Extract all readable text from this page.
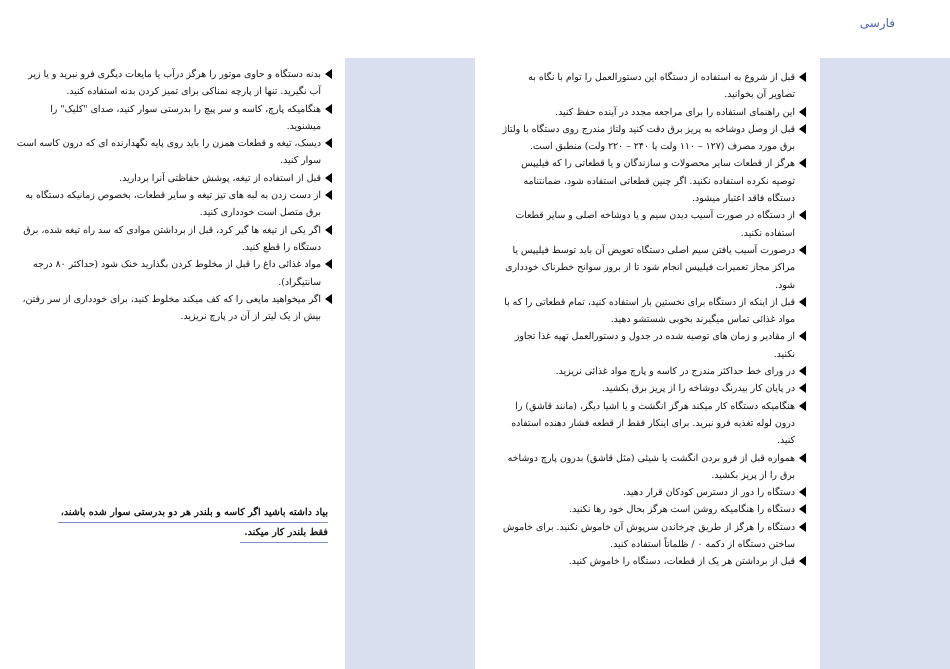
فارسی
قبل از شروع به استفاده از دستگاه این دستورالعمل را توام با نگاه به تصاویر آن بخوانید.
این راهنمای استفاده را برای مراجعه مجدد در آینده حفظ کنید.
قبل از وصل دوشاخه به پریز برق دقت کنید ولتاژ مندرج روی دستگاه با ولتاژ برق مورد مصرف (۱۲۷ – ۱۱۰ ولت یا ۲۴۰ – ۲۲۰ ولت) منطبق است.
هرگز از قطعات سایر محصولات و سازندگان و یا قطعاتی را که فیلیپس توصیه نکرده استفاده نکنید. اگر چنین قطعاتی استفاده شود، ضمانتنامه دستگاه فاقد اعتبار میشود.
از دستگاه در صورت آسیب دیدن سیم و یا دوشاخه اصلی و سایر قطعات استفاده نکنید.
درصورت آسیب یافتن سیم اصلی دستگاه تعویض آن باید توسط فیلیپس یا مراکز مجاز تعمیرات فیلیپس انجام شود تا از بروز سوانح خطرناک خودداری شود.
قبل از اینکه از دستگاه برای نخستین بار استفاده کنید، تمام قطعاتی را که با مواد غذائی تماس میگیرند بخوبی شستشو دهید.
از مقادیر و زمان های توصیه شده در جدول و دستورالعمل تهیه غذا تجاوز نکنید.
در ورای خط حداکثر مندرج در کاسه و پارچ مواد غذائی نریزید.
در پایان کار بیدرنگ دوشاخه را از پریز برق بکشید.
هنگامیکه دستگاه کار میکند هرگز انگشت و یا اشیا دیگر، (مانند قاشق) را درون لوله تغذیه فرو نبرید. برای اینکار فقط از قطعه فشار دهنده استفاده کنید.
همواره قبل از فرو بردن انگشت یا شیئی (مثل قاشق) بدرون پارچ دوشاخه برق را از پریز بکشید.
دستگاه را دور از دسترس کودکان قرار دهید.
دستگاه را هنگامیکه روشن است هرگز بحال خود رها نکنید.
دستگاه را هرگز از طریق چرخاندن سرپوش آن خاموش نکنید. برای خاموش ساختن دستگاه از دکمه ۰ / ظلماتاً استفاده کنید.
قبل از برداشتن هر یک از قطعات، دستگاه را خاموش کنید.
بدنه دستگاه و حاوی موتور را هرگز درآب یا مایعات دیگری فرو نبرید و یا زیر آب نگیرید. تنها از پارچه نمناکی برای تمیز کردن بدنه استفاده کنید.
هنگامیکه پارچ، کاسه و سر پیچ را بدرستی سوار کنید، صدای "کلیک" را میشنوید.
دیسک، تیغه و قطعات همزن را باید روی پایه نگهدارنده ای که درون کاسه است سوار کنید.
قبل از استفاده از تیغه، پوشش حفاظتی آنرا بردارید.
از دست زدن به لبه های تیز تیغه و سایر قطعات، بخصوص زمانیکه دستگاه به برق متصل است خودداری کنید.
اگر یکی از تیغه ها گیر کرد، قبل از برداشتن موادی که سد راه تیغه شده، برق دستگاه را قطع کنید.
مواد غذائی داغ را قبل از مخلوط کردن بگذارید خنک شود (حداکثر ۸۰ درجه سانتیگراد).
اگر میخواهید مایعی را که کف میکند مخلوط کنید، برای خودداری از سر رفتن، بیش از یک لیتر از آن در پارچ نریزید.
بیاد داشته باشید اگر کاسه و بلندر هر دو بدرستی سوار شده باشند،
فقط بلندر کار میکند.
